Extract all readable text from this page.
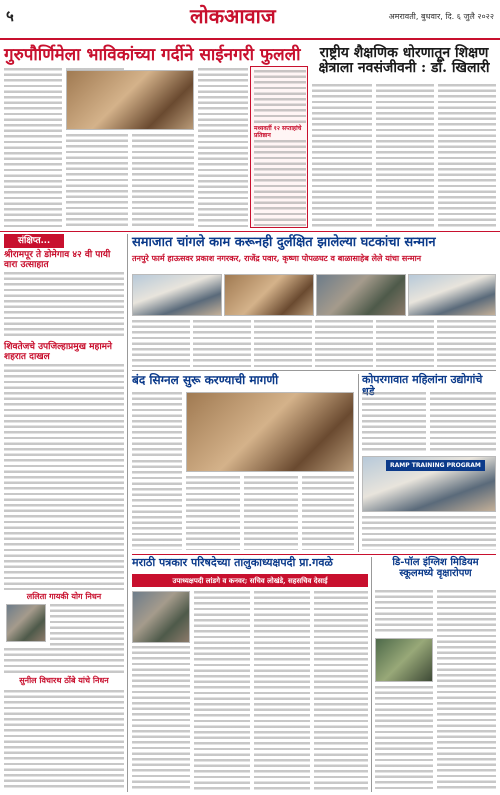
५	लोकआवाज	अमरावती, बुधवार, दि. ६ जुलै २०२२
गुरुपौर्णिमेला भाविकांच्या गर्दीने साईनगरी फुलली
मध्यवर्ती १२ सप्ताहांचे प्रतिष्ठान
राष्ट्रीय शैक्षणिक धोरणातून शिक्षण क्षेत्राला नवसंजीवनी : डॉ. खिलारी
संक्षिप्त...
श्रीरामपूर ते डोमेगाव ४२ वी पायी वारा उत्साहात
शिवतेजचे उपजिल्हाप्रमुख महामने शहरात दाखल
ललिता गायकी योग निधन
सुनील विचारथ ठोंबे यांचे निधन
समाजात चांगले काम करूनही दुर्लक्षित झालेल्या घटकांचा सन्मान
तनपुरे फार्म हाऊसवर प्रकाश नगरकर, राजेंद्र पवार, कृष्णा पोपळघट व बाळासाहेब लेले यांचा सन्मान
बंद सिग्नल सुरू करण्याची मागणी	कोपरगावात महिलांना उद्योगांचे धडे
RAMP TRAINING PROGRAM
मराठी पत्रकार परिषदेच्या तालुकाध्यक्षपदी प्रा.गवळे
उपाध्यक्षपदी लांडगे व कनवर; सचिव लोखंडे, सहसचिव देसाई
डि-पॉल इंग्लिश मिडियम स्कूलमध्ये वृक्षारोपण
